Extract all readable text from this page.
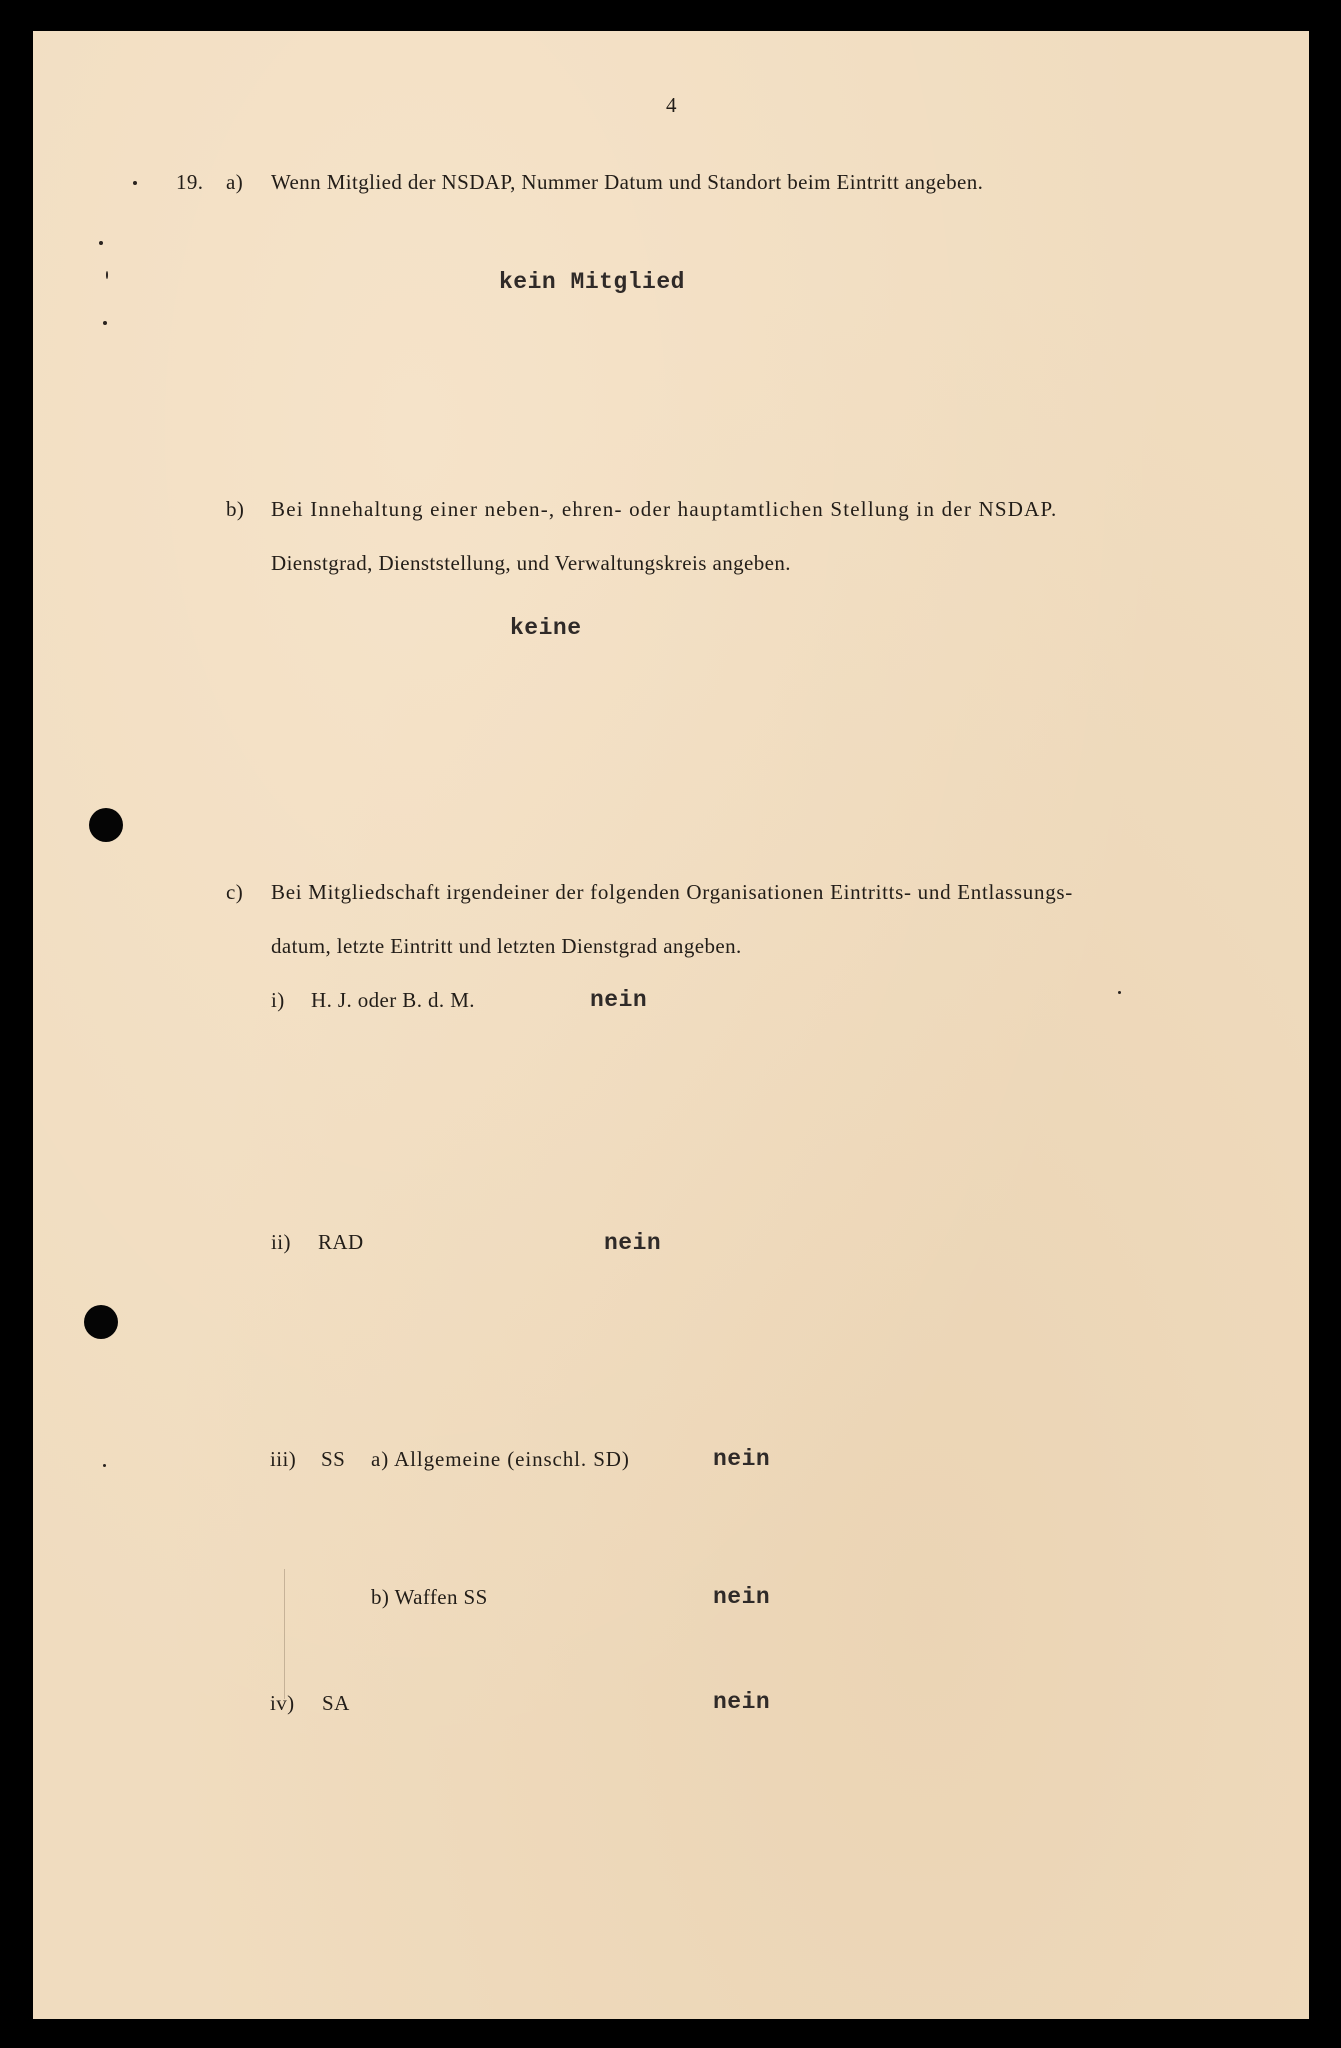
4
19. a) Wenn Mitglied der NSDAP, Nummer Datum und Standort beim Eintritt angeben.
kein Mitglied
b) Bei Innehaltung einer neben-, ehren- oder hauptamtlichen Stellung in der NSDAP.
Dienstgrad, Dienststellung, und Verwaltungskreis angeben.
keine
c) Bei Mitgliedschaft irgendeiner der folgenden Organisationen Eintritts- und Entlassungs-
datum, letzte Eintritt und letzten Dienstgrad angeben.
i) H. J. oder B. d. M.	nein
ii) RAD	nein
iii) SS a) Allgemeine (einschl. SD)	nein
b) Waffen SS	nein
iv) SA	nein
